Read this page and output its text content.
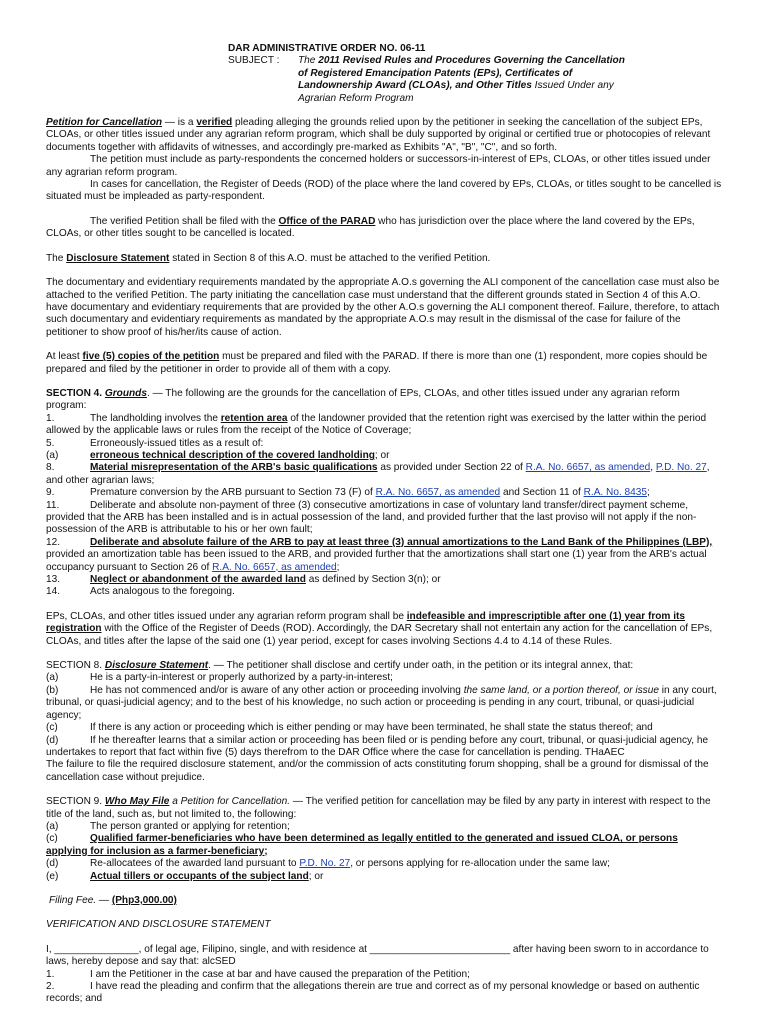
DAR ADMINISTRATIVE ORDER NO. 06-11
SUBJECT :	The 2011 Revised Rules and Procedures Governing the Cancellation of Registered Emancipation Patents (EPs), Certificates of Landownership Award (CLOAs), and Other Titles Issued Under any Agrarian Reform Program

Petition for Cancellation — is a verified pleading alleging the grounds relied upon by the petitioner in seeking the cancellation of the subject EPs, CLOAs, or other titles issued under any agrarian reform program, which shall be duly supported by original or certified true or photocopies of relevant documents together with affidavits of witnesses, and accordingly pre-marked as Exhibits "A", "B", "C", and so forth.

The petition must include as party-respondents the concerned holders or successors-in-interest of EPs, CLOAs, or other titles issued under any agrarian reform program.

In cases for cancellation, the Register of Deeds (ROD) of the place where the land covered by EPs, CLOAs, or titles sought to be cancelled is situated must be impleaded as party-respondent.

The verified Petition shall be filed with the Office of the PARAD who has jurisdiction over the place where the land covered by the EPs, CLOAs, or other titles sought to be cancelled is located.

The Disclosure Statement stated in Section 8 of this A.O. must be attached to the verified Petition.

The documentary and evidentiary requirements mandated by the appropriate A.O.s governing the ALI component of the cancellation case must also be attached to the verified Petition. The party initiating the cancellation case must understand that the different grounds stated in Section 4 of this A.O. have documentary and evidentiary requirements that are provided by the other A.O.s governing the ALI component thereof. Failure, therefore, to attach such documentary and evidentiary requirements as mandated by the appropriate A.O.s may result in the dismissal of the case for failure of the petitioner to show proof of his/her/its cause of action.

At least five (5) copies of the petition must be prepared and filed with the PARAD. If there is more than one (1) respondent, more copies should be prepared and filed by the petitioner in order to provide all of them with a copy.

SECTION 4. Grounds. — The following are the grounds for the cancellation of EPs, CLOAs, and other titles issued under any agrarian reform program:

1.	The landholding involves the retention area of the landowner provided that the retention right was exercised by the latter within the period allowed by the applicable laws or rules from the receipt of the Notice of Coverage;

5.	Erroneously-issued titles as a result of:

(a)	erroneous technical description of the covered landholding; or

8.	Material misrepresentation of the ARB's basic qualifications as provided under Section 22 of R.A. No. 6657, as amended, P.D. No. 27, and other agrarian laws;

9.	Premature conversion by the ARB pursuant to Section 73 (F) of R.A. No. 6657, as amended and Section 11 of R.A. No. 8435;

11.	Deliberate and absolute non-payment of three (3) consecutive amortizations in case of voluntary land transfer/direct payment scheme, provided that the ARB has been installed and is in actual possession of the land, and provided further that the last proviso will not apply if the non-possession of the ARB is attributable to his or her own fault;

12.	Deliberate and absolute failure of the ARB to pay at least three (3) annual amortizations to the Land Bank of the Philippines (LBP), provided an amortization table has been issued to the ARB, and provided further that the amortizations shall start one (1) year from the ARB's actual occupancy pursuant to Section 26 of R.A. No. 6657, as amended;

13.	Neglect or abandonment of the awarded land as defined by Section 3(n); or

14.	Acts analogous to the foregoing.

EPs, CLOAs, and other titles issued under any agrarian reform program shall be indefeasible and imprescriptible after one (1) year from its registration with the Office of the Register of Deeds (ROD). Accordingly, the DAR Secretary shall not entertain any action for the cancellation of EPs, CLOAs, and titles after the lapse of the said one (1) year period, except for cases involving Sections 4.4 to 4.14 of these Rules.

SECTION 8. Disclosure Statement. — The petitioner shall disclose and certify under oath, in the petition or its integral annex, that:

(a)	He is a party-in-interest or properly authorized by a party-in-interest;

(b)	He has not commenced and/or is aware of any other action or proceeding involving the same land, or a portion thereof, or issue in any court, tribunal, or quasi-judicial agency; and to the best of his knowledge, no such action or proceeding is pending in any court, tribunal, or quasi-judicial agency;

(c)	If there is any action or proceeding which is either pending or may have been terminated, he shall state the status thereof; and

(d)	If he thereafter learns that a similar action or proceeding has been filed or is pending before any court, tribunal, or quasi-judicial agency, he undertakes to report that fact within five (5) days therefrom to the DAR Office where the case for cancellation is pending. THaAEC

The failure to file the required disclosure statement, and/or the commission of acts constituting forum shopping, shall be a ground for dismissal of the cancellation case without prejudice.

SECTION 9. Who May File a Petition for Cancellation. — The verified petition for cancellation may be filed by any party in interest with respect to the title of the land, such as, but not limited to, the following:

(a)	The person granted or applying for retention;

(c)	Qualified farmer-beneficiaries who have been determined as legally entitled to the generated and issued CLOA, or persons applying for inclusion as a farmer-beneficiary;

(d)	Re-allocatees of the awarded land pursuant to P.D. No. 27, or persons applying for re-allocation under the same law;

(e)	Actual tillers or occupants of the subject land; or

Filing Fee. — (Php3,000.00)

VERIFICATION AND DISCLOSURE STATEMENT

I, _______________, of legal age, Filipino, single, and with residence at _________________________ after having been sworn to in accordance to laws, hereby depose and say that: alcSED

1.	I am the Petitioner in the case at bar and have caused the preparation of the Petition;

2.	I have read the pleading and confirm that the allegations therein are true and correct as of my personal knowledge or based on authentic records; and
